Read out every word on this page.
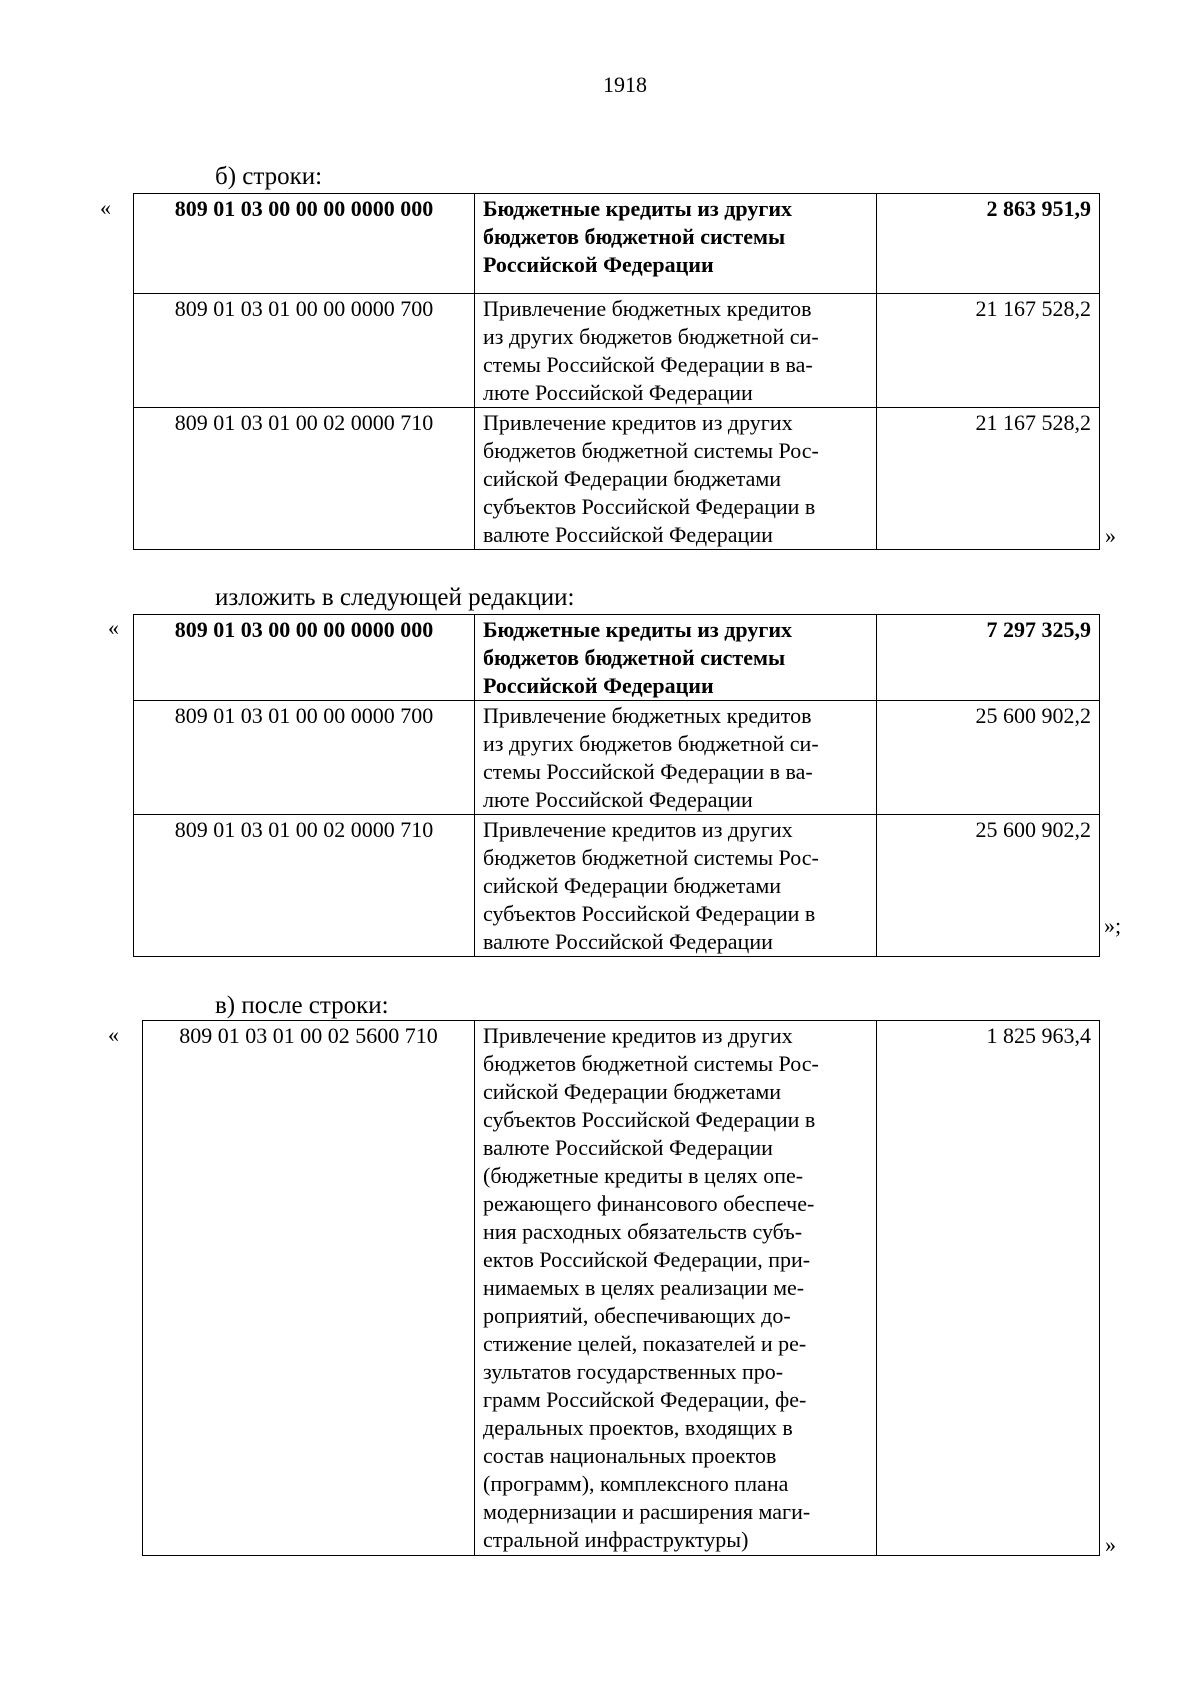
1918
б) строки:
«	809 01 03 00 00 00 0000 000	Бюджетные кредиты из других
бюджетов бюджетной системы
Российской Федерации	2 863 951,9
809 01 03 01 00 00 0000 700	Привлечение бюджетных кредитов
из других бюджетов бюджетной си-
стемы Российской Федерации в ва-
люте Российской Федерации	21 167 528,2
809 01 03 01 00 02 0000 710	Привлечение кредитов из других
бюджетов бюджетной системы Рос-
сийской Федерации бюджетами
субъектов Российской Федерации в
валюте Российской Федерации	21 167 528,2
»
изложить в следующей редакции:
«	809 01 03 00 00 00 0000 000	Бюджетные кредиты из других
бюджетов бюджетной системы
Российской Федерации	7 297 325,9
809 01 03 01 00 00 0000 700	Привлечение бюджетных кредитов
из других бюджетов бюджетной си-
стемы Российской Федерации в ва-
люте Российской Федерации	25 600 902,2
809 01 03 01 00 02 0000 710	Привлечение кредитов из других
бюджетов бюджетной системы Рос-
сийской Федерации бюджетами
субъектов Российской Федерации в
валюте Российской Федерации	25 600 902,2
»;
в) после строки:
«	809 01 03 01 00 02 5600 710	Привлечение кредитов из других
бюджетов бюджетной системы Рос-
сийской Федерации бюджетами
субъектов Российской Федерации в
валюте Российской Федерации
(бюджетные кредиты в целях опе-
режающего финансового обеспече-
ния расходных обязательств субъ-
ектов Российской Федерации, при-
нимаемых в целях реализации ме-
роприятий, обеспечивающих до-
стижение целей, показателей и ре-
зультатов государственных про-
грамм Российской Федерации, фе-
деральных проектов, входящих в
состав национальных проектов
(программ), комплексного плана
модернизации и расширения маги-
стральной инфраструктуры)
	1 825 963,4
»
